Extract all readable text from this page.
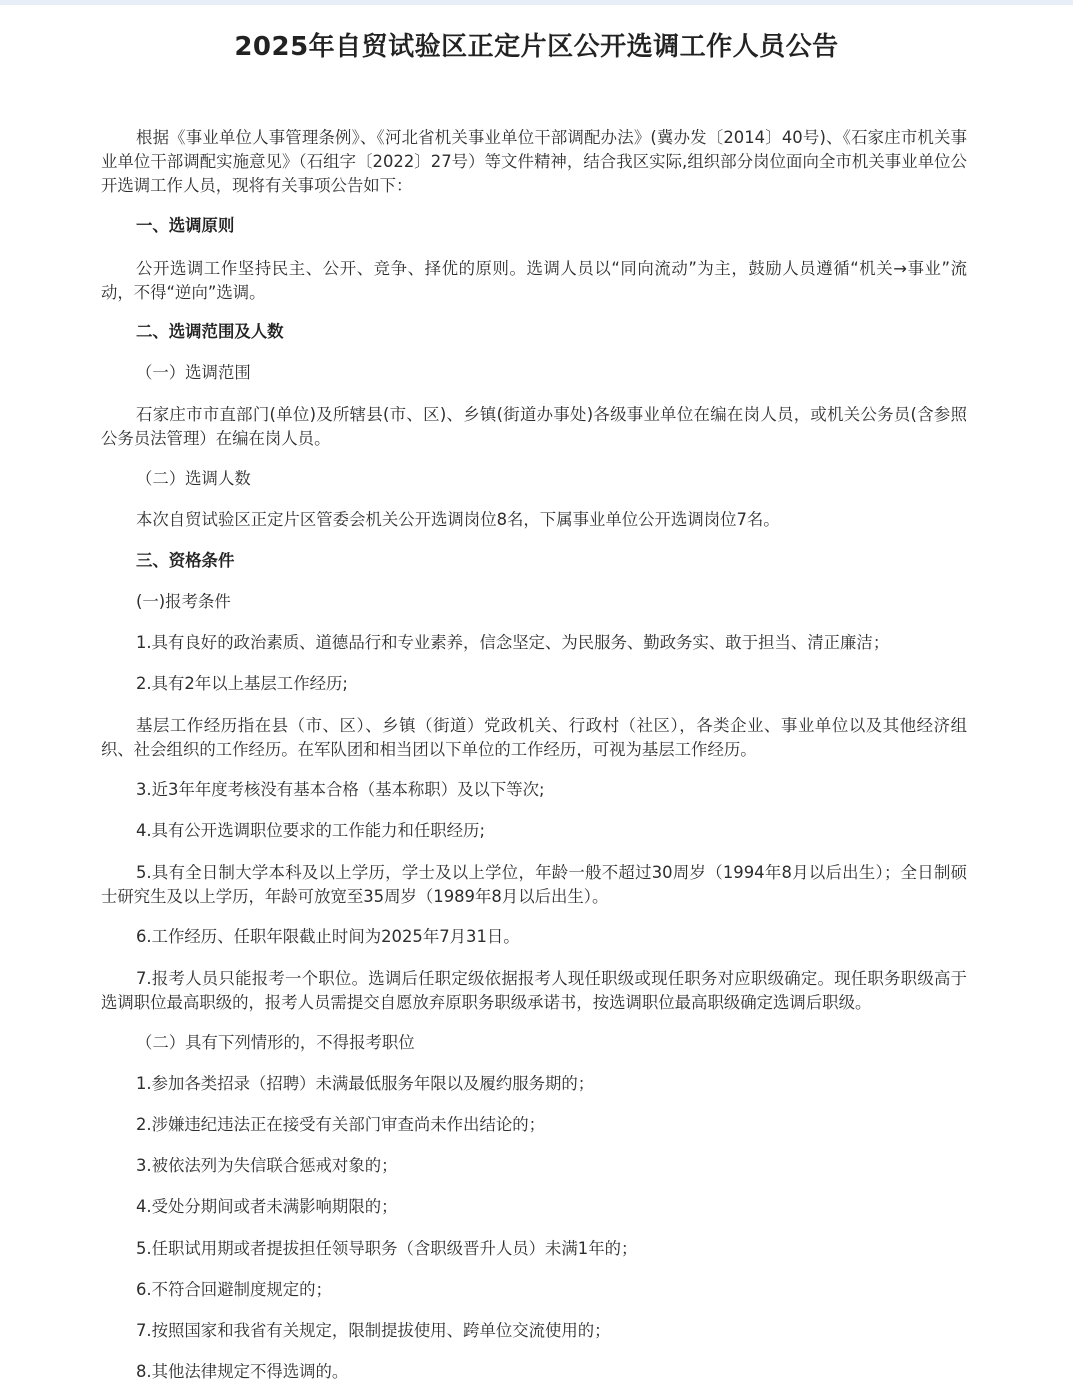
2025年自贸试验区正定片区公开选调工作人员公告
根据《事业单位人事管理条例》、《河北省机关事业单位干部调配办法》(冀办发〔2014〕40号)、《石家庄市机关事业单位干部调配实施意见》（石组字〔2022〕27号）等文件精神，结合我区实际,组织部分岗位面向全市机关事业单位公开选调工作人员，现将有关事项公告如下：
一、选调原则
公开选调工作坚持民主、公开、竞争、择优的原则。选调人员以“同向流动”为主，鼓励人员遵循“机关→事业”流动，不得“逆向”选调。
二、选调范围及人数
（一）选调范围
石家庄市市直部门(单位)及所辖县(市、区)、乡镇(街道办事处)各级事业单位在编在岗人员，或机关公务员(含参照公务员法管理）在编在岗人员。
（二）选调人数
本次自贸试验区正定片区管委会机关公开选调岗位8名，下属事业单位公开选调岗位7名。
三、资格条件
(一)报考条件
1.具有良好的政治素质、道德品行和专业素养，信念坚定、为民服务、勤政务实、敢于担当、清正廉洁；
2.具有2年以上基层工作经历;
基层工作经历指在县（市、区）、乡镇（街道）党政机关、行政村（社区），各类企业、事业单位以及其他经济组织、社会组织的工作经历。在军队团和相当团以下单位的工作经历，可视为基层工作经历。
3.近3年年度考核没有基本合格（基本称职）及以下等次;
4.具有公开选调职位要求的工作能力和任职经历;
5.具有全日制大学本科及以上学历，学士及以上学位，年龄一般不超过30周岁（1994年8月以后出生）；全日制硕士研究生及以上学历，年龄可放宽至35周岁（1989年8月以后出生）。
6.工作经历、任职年限截止时间为2025年7月31日。
7.报考人员只能报考一个职位。选调后任职定级依据报考人现任职级或现任职务对应职级确定。现任职务职级高于选调职位最高职级的，报考人员需提交自愿放弃原职务职级承诺书，按选调职位最高职级确定选调后职级。
（二）具有下列情形的，不得报考职位
1.参加各类招录（招聘）未满最低服务年限以及履约服务期的；
2.涉嫌违纪违法正在接受有关部门审查尚未作出结论的；
3.被依法列为失信联合惩戒对象的；
4.受处分期间或者未满影响期限的；
5.任职试用期或者提拔担任领导职务（含职级晋升人员）未满1年的；
6.不符合回避制度规定的；
7.按照国家和我省有关规定，限制提拔使用、跨单位交流使用的；
8.其他法律规定不得选调的。
